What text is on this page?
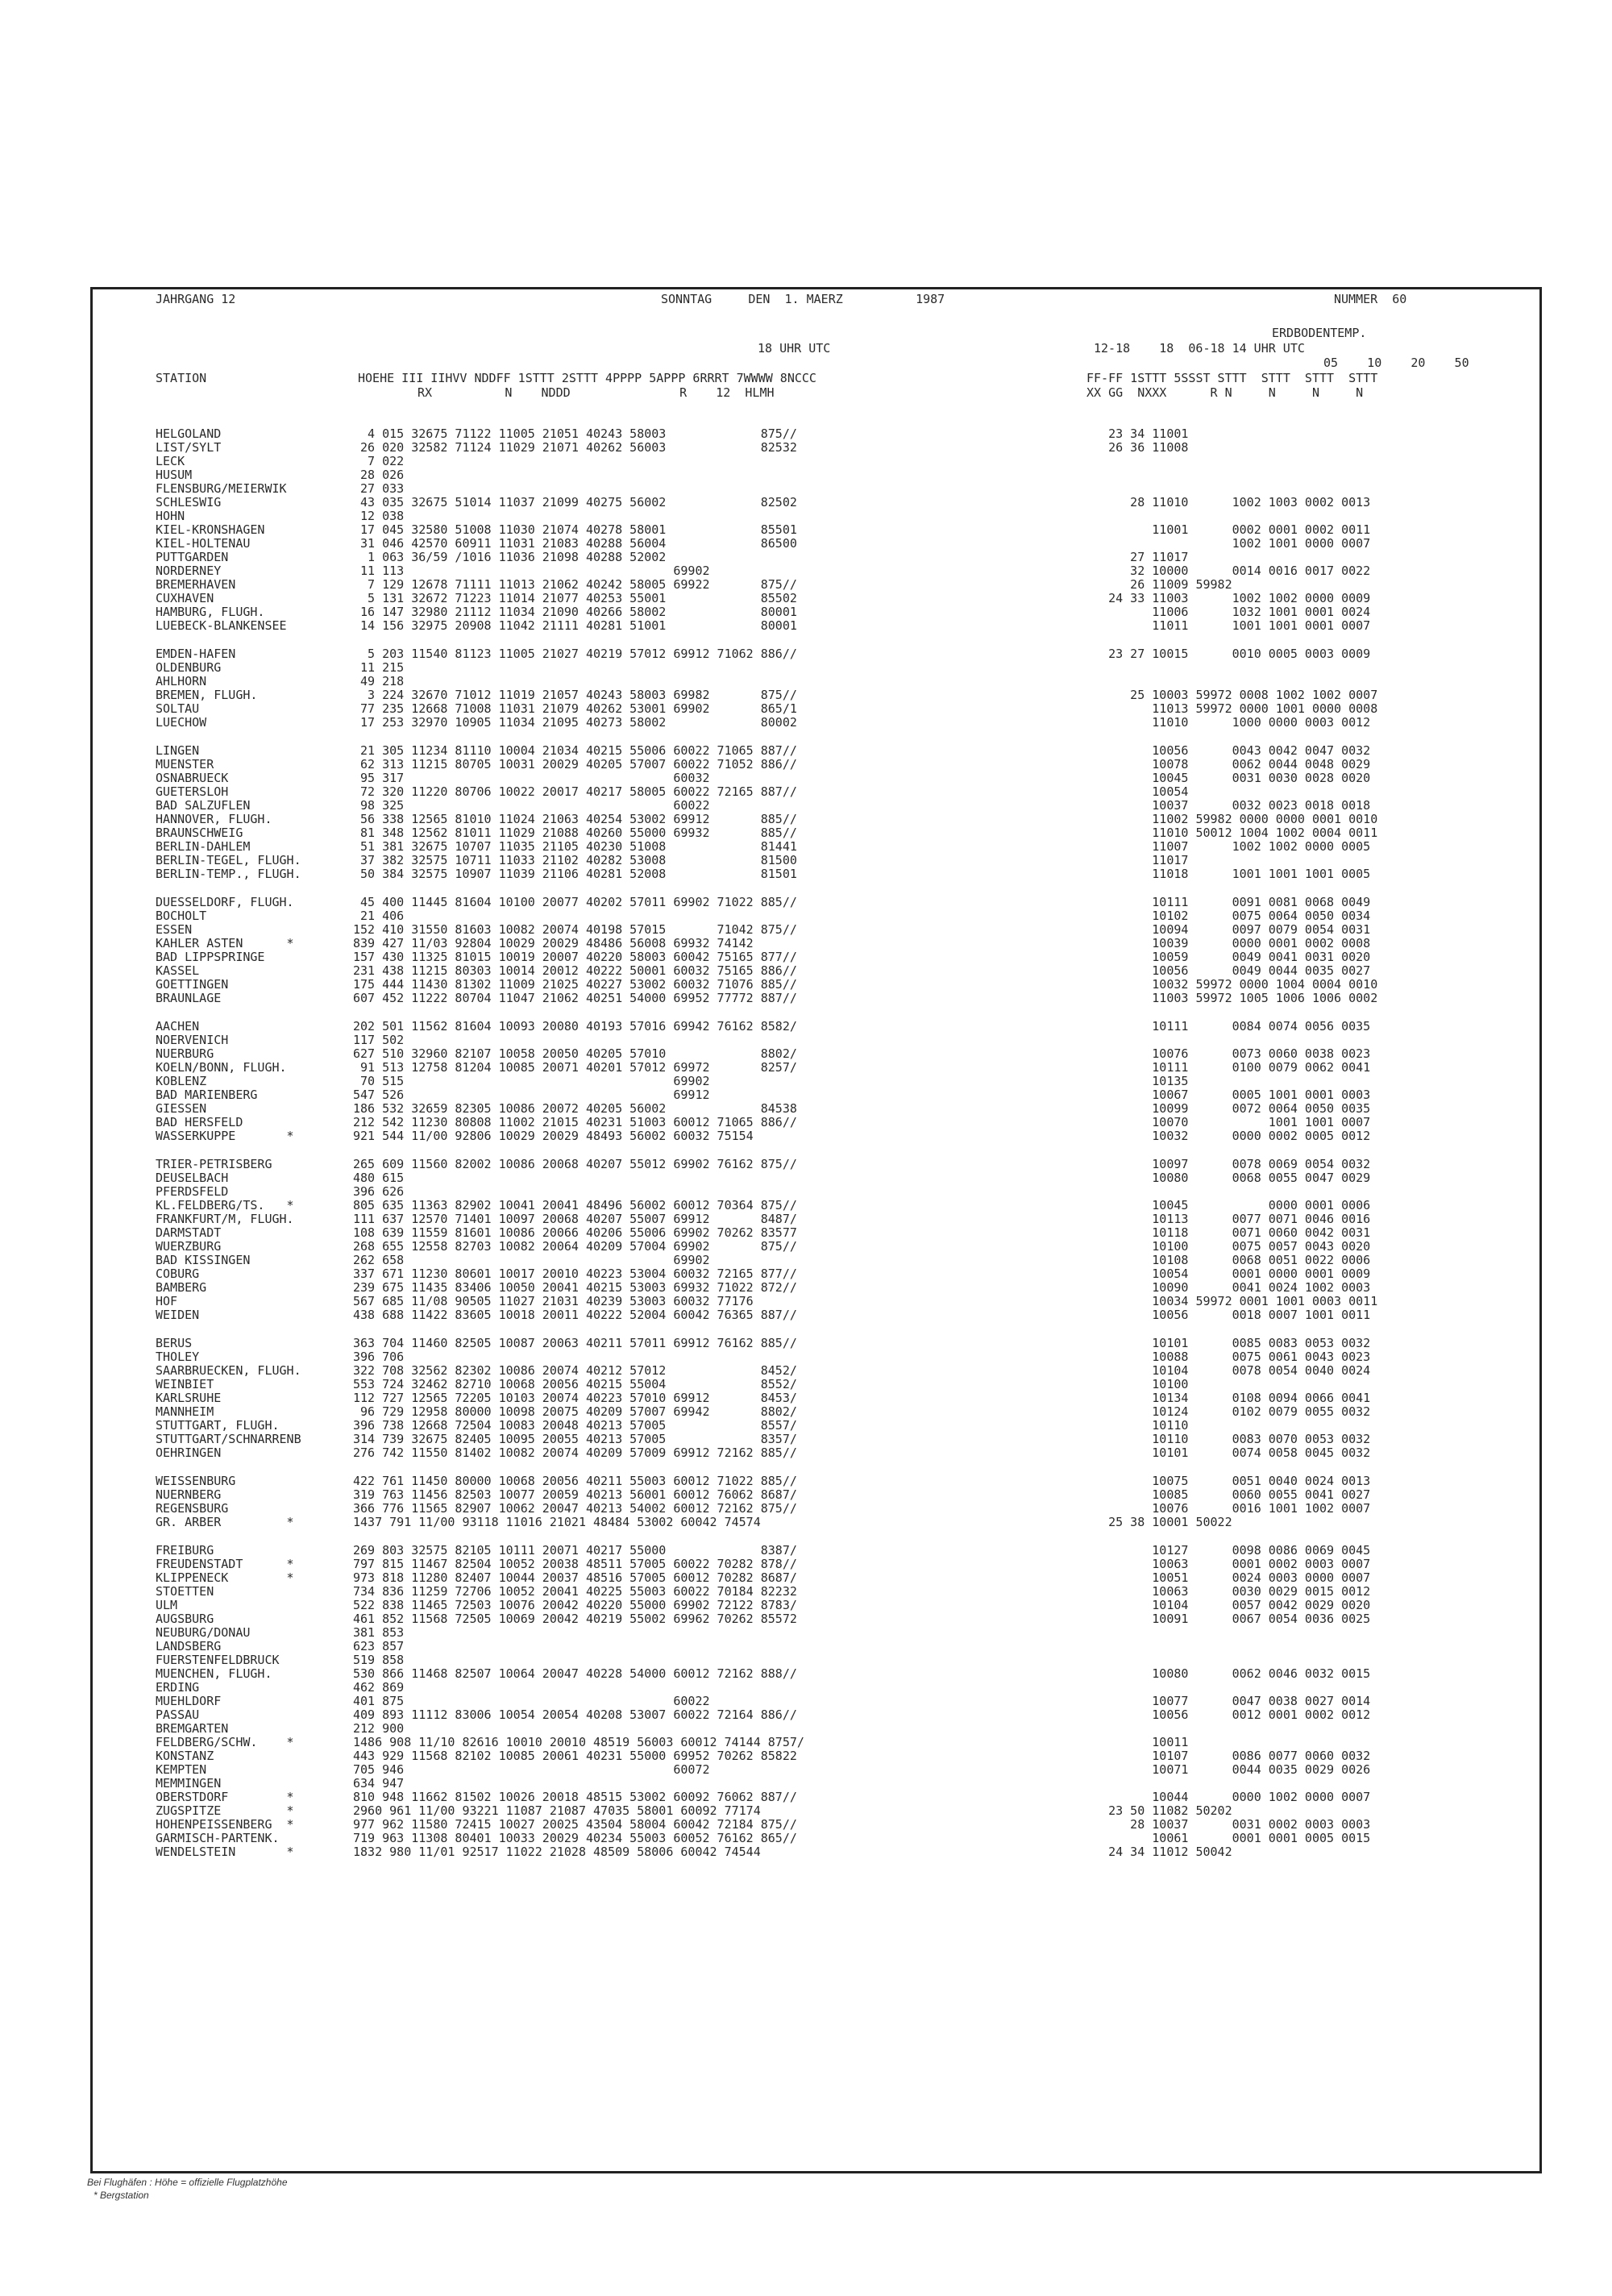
JAHRGANG 12	SONNTAG     DEN  1. MAERZ          1987	NUMMER  60
ERDBODENTEMP.
18 UHR UTC	12-18    18  06-18 14 UHR UTC
05    10    20    50
STATION	HOEHE III IIHVV NDDFF 1STTT 2STTT 4PPPP 5APPP 6RRRT 7WWWW 8NCCC	FF-FF 1STTT 5SSST STTT  STTT  STTT  STTT
RX          N    NDDD               R    12  HLMH	XX GG  NXXX      R N     N     N     N
HELGOLAND	4 015 32675 71122 11005 21051 40243 58003             875//	23 34 11001
LIST/SYLT	26 020 32582 71124 11029 21071 40262 56003             82532	26 36 11008
LECK	7 022
HUSUM	28 026
FLENSBURG/MEIERWIK	27 033
SCHLESWIG	43 035 32675 51014 11037 21099 40275 56002             82502	28 11010      1002 1003 0002 0013
HOHN	12 038
KIEL-KRONSHAGEN	17 045 32580 51008 11030 21074 40278 58001             85501	11001      0002 0001 0002 0011
KIEL-HOLTENAU	31 046 42570 60911 11031 21083 40288 56004             86500	1002 1001 0000 0007
PUTTGARDEN	1 063 36/59 /1016 11036 21098 40288 52002	27 11017
NORDERNEY	11 113                                     69902	32 10000      0014 0016 0017 0022
BREMERHAVEN	7 129 12678 71111 11013 21062 40242 58005 69922       875//	26 11009 59982
CUXHAVEN	5 131 32672 71223 11014 21077 40253 55001             85502	24 33 11003      1002 1002 0000 0009
HAMBURG, FLUGH.	16 147 32980 21112 11034 21090 40266 58002             80001	11006      1032 1001 0001 0024
LUEBECK-BLANKENSEE	14 156 32975 20908 11042 21111 40281 51001             80001	11011      1001 1001 0001 0007
EMDEN-HAFEN	5 203 11540 81123 11005 21027 40219 57012 69912 71062 886//	23 27 10015      0010 0005 0003 0009
OLDENBURG	11 215
AHLHORN	49 218
BREMEN, FLUGH.	3 224 32670 71012 11019 21057 40243 58003 69982       875//	25 10003 59972 0008 1002 1002 0007
SOLTAU	77 235 12668 71008 11031 21079 40262 53001 69902       865/1	11013 59972 0000 1001 0000 0008
LUECHOW	17 253 32970 10905 11034 21095 40273 58002             80002	11010      1000 0000 0003 0012
LINGEN	21 305 11234 81110 10004 21034 40215 55006 60022 71065 887//	10056      0043 0042 0047 0032
MUENSTER	62 313 11215 80705 10031 20029 40205 57007 60022 71052 886//	10078      0062 0044 0048 0029
OSNABRUECK	95 317                                     60032	10045      0031 0030 0028 0020
GUETERSLOH	72 320 11220 80706 10022 20017 40217 58005 60022 72165 887//	10054
BAD SALZUFLEN	98 325                                     60022	10037      0032 0023 0018 0018
HANNOVER, FLUGH.	56 338 12565 81010 11024 21063 40254 53002 69912       885//	11002 59982 0000 0000 0001 0010
BRAUNSCHWEIG	81 348 12562 81011 11029 21088 40260 55000 69932       885//	11010 50012 1004 1002 0004 0011
BERLIN-DAHLEM	51 381 32675 10707 11035 21105 40230 51008             81441	11007      1002 1002 0000 0005
BERLIN-TEGEL, FLUGH.	37 382 32575 10711 11033 21102 40282 53008             81500	11017
BERLIN-TEMP., FLUGH.	50 384 32575 10907 11039 21106 40281 52008             81501	11018      1001 1001 1001 0005
DUESSELDORF, FLUGH.	45 400 11445 81604 10100 20077 40202 57011 69902 71022 885//	10111      0091 0081 0068 0049
BOCHOLT	21 406	10102      0075 0064 0050 0034
ESSEN	152 410 31550 81603 10082 20074 40198 57015       71042 875//	10094      0097 0079 0054 0031
KAHLER ASTEN      *	839 427 11/03 92804 10029 20029 48486 56008 69932 74142	10039      0000 0001 0002 0008
BAD LIPPSPRINGE	157 430 11325 81015 10019 20007 40220 58003 60042 75165 877//	10059      0049 0041 0031 0020
KASSEL	231 438 11215 80303 10014 20012 40222 50001 60032 75165 886//	10056      0049 0044 0035 0027
GOETTINGEN	175 444 11430 81302 11009 21025 40227 53002 60032 71076 885//	10032 59972 0000 1004 0004 0010
BRAUNLAGE	607 452 11222 80704 11047 21062 40251 54000 69952 77772 887//	11003 59972 1005 1006 1006 0002
AACHEN	202 501 11562 81604 10093 20080 40193 57016 69942 76162 8582/	10111      0084 0074 0056 0035
NOERVENICH	117 502
NUERBURG	627 510 32960 82107 10058 20050 40205 57010             8802/	10076      0073 0060 0038 0023
KOELN/BONN, FLUGH.	91 513 12758 81204 10085 20071 40201 57012 69972       8257/	10111      0100 0079 0062 0041
KOBLENZ	70 515                                     69902	10135
BAD MARIENBERG	547 526                                     69912	10067      0005 1001 0001 0003
GIESSEN	186 532 32659 82305 10086 20072 40205 56002             84538	10099      0072 0064 0050 0035
BAD HERSFELD	212 542 11230 80808 11002 21015 40231 51003 60012 71065 886//	10070           1001 1001 0007
WASSERKUPPE       *	921 544 11/00 92806 10029 20029 48493 56002 60032 75154	10032      0000 0002 0005 0012
TRIER-PETRISBERG	265 609 11560 82002 10086 20068 40207 55012 69902 76162 875//	10097      0078 0069 0054 0032
DEUSELBACH	480 615	10080      0068 0055 0047 0029
PFERDSFELD	396 626
KL.FELDBERG/TS.   *	805 635 11363 82902 10041 20041 48496 56002 60012 70364 875//	10045           0000 0001 0006
FRANKFURT/M, FLUGH.	111 637 12570 71401 10097 20068 40207 55007 69912       8487/	10113      0077 0071 0046 0016
DARMSTADT	108 639 11559 81601 10086 20066 40206 55006 69902 70262 83577	10118      0071 0060 0042 0031
WUERZBURG	268 655 12558 82703 10082 20064 40209 57004 69902       875//	10100      0075 0057 0043 0020
BAD KISSINGEN	262 658                                     69902	10108      0068 0051 0022 0006
COBURG	337 671 11230 80601 10017 20010 40223 53004 60032 72165 877//	10054      0001 0000 0001 0009
BAMBERG	239 675 11435 83406 10050 20041 40215 53003 69932 71022 872//	10090      0041 0024 1002 0003
HOF	567 685 11/08 90505 11027 21031 40239 53003 60032 77176	10034 59972 0001 1001 0003 0011
WEIDEN	438 688 11422 83605 10018 20011 40222 52004 60042 76365 887//	10056      0018 0007 1001 0011
BERUS	363 704 11460 82505 10087 20063 40211 57011 69912 76162 885//	10101      0085 0083 0053 0032
THOLEY	396 706	10088      0075 0061 0043 0023
SAARBRUECKEN, FLUGH.	322 708 32562 82302 10086 20074 40212 57012             8452/	10104      0078 0054 0040 0024
WEINBIET	553 724 32462 82710 10068 20056 40215 55004             8552/	10100
KARLSRUHE	112 727 12565 72205 10103 20074 40223 57010 69912       8453/	10134      0108 0094 0066 0041
MANNHEIM	96 729 12958 80000 10098 20075 40209 57007 69942       8802/	10124      0102 0079 0055 0032
STUTTGART, FLUGH.	396 738 12668 72504 10083 20048 40213 57005             8557/	10110
STUTTGART/SCHNARRENB	314 739 32675 82405 10095 20055 40213 57005             8357/	10110      0083 0070 0053 0032
OEHRINGEN	276 742 11550 81402 10082 20074 40209 57009 69912 72162 885//	10101      0074 0058 0045 0032
WEISSENBURG	422 761 11450 80000 10068 20056 40211 55003 60012 71022 885//	10075      0051 0040 0024 0013
NUERNBERG	319 763 11456 82503 10077 20059 40213 56001 60012 76062 8687/	10085      0060 0055 0041 0027
REGENSBURG	366 776 11565 82907 10062 20047 40213 54002 60012 72162 875//	10076      0016 1001 1002 0007
GR. ARBER         *	1437 791 11/00 93118 11016 21021 48484 53002 60042 74574	25 38 10001 50022
FREIBURG	269 803 32575 82105 10111 20071 40217 55000             8387/	10127      0098 0086 0069 0045
FREUDENSTADT      *	797 815 11467 82504 10052 20038 48511 57005 60022 70282 878//	10063      0001 0002 0003 0007
KLIPPENECK        *	973 818 11280 82407 10044 20037 48516 57005 60012 70282 8687/	10051      0024 0003 0000 0007
STOETTEN	734 836 11259 72706 10052 20041 40225 55003 60022 70184 82232	10063      0030 0029 0015 0012
ULM	522 838 11465 72503 10076 20042 40220 55000 69902 72122 8783/	10104      0057 0042 0029 0020
AUGSBURG	461 852 11568 72505 10069 20042 40219 55002 69962 70262 85572	10091      0067 0054 0036 0025
NEUBURG/DONAU	381 853
LANDSBERG	623 857
FUERSTENFELDBRUCK	519 858
MUENCHEN, FLUGH.	530 866 11468 82507 10064 20047 40228 54000 60012 72162 888//	10080      0062 0046 0032 0015
ERDING	462 869
MUEHLDORF	401 875                                     60022	10077      0047 0038 0027 0014
PASSAU	409 893 11112 83006 10054 20054 40208 53007 60022 72164 886//	10056      0012 0001 0002 0012
BREMGARTEN	212 900
FELDBERG/SCHW.    *	1486 908 11/10 82616 10010 20010 48519 56003 60012 74144 8757/	10011
KONSTANZ	443 929 11568 82102 10085 20061 40231 55000 69952 70262 85822	10107      0086 0077 0060 0032
KEMPTEN	705 946                                     60072	10071      0044 0035 0029 0026
MEMMINGEN	634 947
OBERSTDORF        *	810 948 11662 81502 10026 20018 48515 53002 60092 76062 887//	10044      0000 1002 0000 0007
ZUGSPITZE         *	2960 961 11/00 93221 11087 21087 47035 58001 60092 77174	23 50 11082 50202
HOHENPEISSENBERG  *	977 962 11580 72415 10027 20025 43504 58004 60042 72184 875//	28 10037      0031 0002 0003 0003
GARMISCH-PARTENK.	719 963 11308 80401 10033 20029 40234 55003 60052 76162 865//	10061      0001 0001 0005 0015
WENDELSTEIN       *	1832 980 11/01 92517 11022 21028 48509 58006 60042 74544	24 34 11012 50042
Bei Flughäfen : Höhe = offizielle Flugplatzhöhe
* Bergstation
